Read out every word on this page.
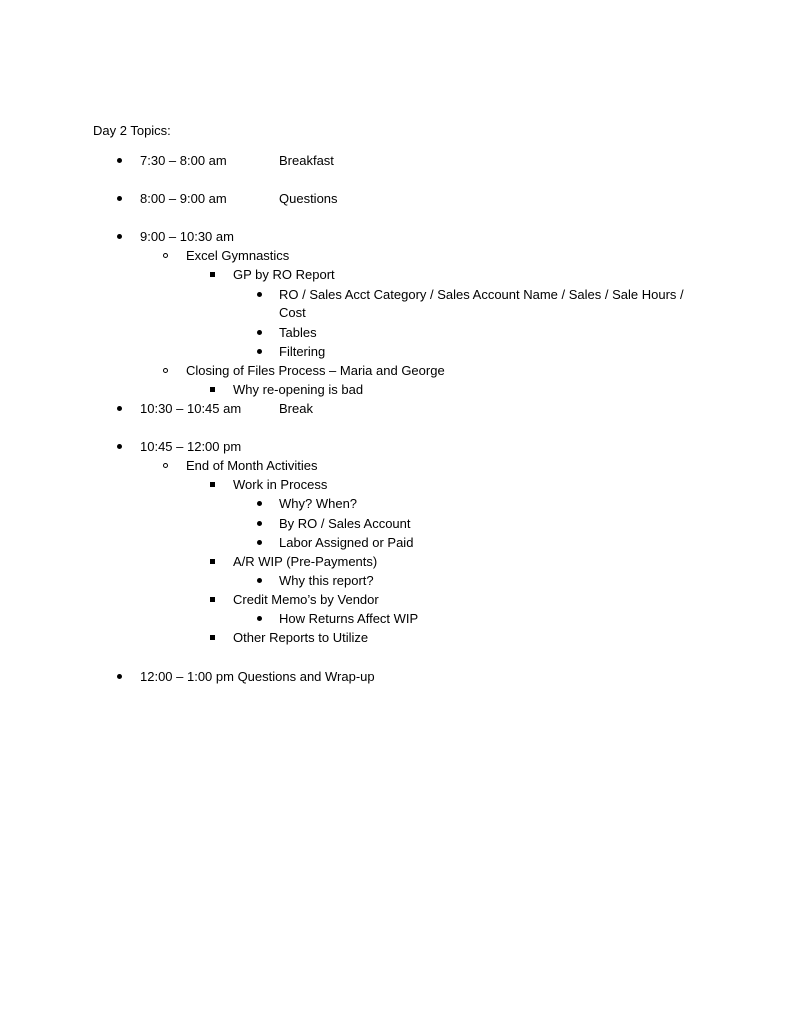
Day 2 Topics:
7:30 – 8:00 am	Breakfast
8:00 – 9:00 am	Questions
9:00 – 10:30 am
Excel Gymnastics
GP by RO Report
RO / Sales Acct Category / Sales Account Name / Sales / Sale Hours /
Cost
Tables
Filtering
Closing of Files Process – Maria and George
Why re-opening is bad
10:30 – 10:45 am	Break
10:45 – 12:00 pm
End of Month Activities
Work in Process
Why? When?
By RO / Sales Account
Labor Assigned or Paid
A/R WIP (Pre-Payments)
Why this report?
Credit Memo’s by Vendor
How Returns Affect WIP
Other Reports to Utilize
12:00 – 1:00 pm Questions and Wrap-up
